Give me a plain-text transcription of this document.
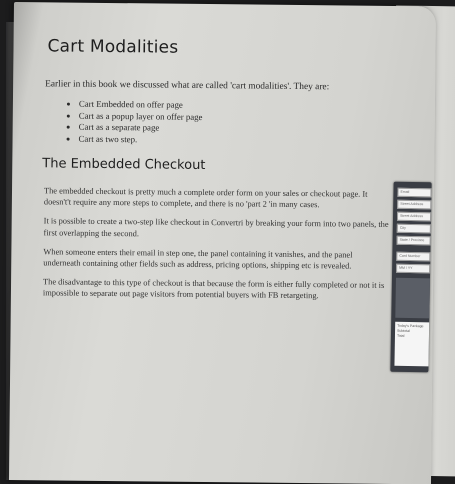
Cart Modalities

Earlier in this book we discussed what are called 'cart modalities'. They are:

• Cart Embedded on offer page
• Cart as a popup layer on offer page
• Cart as a separate page
• Cart as two step.
The Embedded Checkout

The embedded checkout is pretty much a complete order form on your sales or checkout page. It doesn't't require any more steps to complete, and there is no 'part 2 'in many cases.

It is possible to create a two-step like checkout in Convertri by breaking your form into two panels, the first overlapping the second.

When someone enters their email in step one, the panel containing it vanishes, and the panel underneath containing other fields such as address, pricing options, shipping etc is revealed.

The disadvantage to this type of checkout is that because the form is either fully completed or not it is impossible to separate out page visitors from potential buyers with FB retargeting.

Email
Street Address
Street Address
City
State / Province
Card Number
MM / YY
Today's Package
Subtotal
Total
